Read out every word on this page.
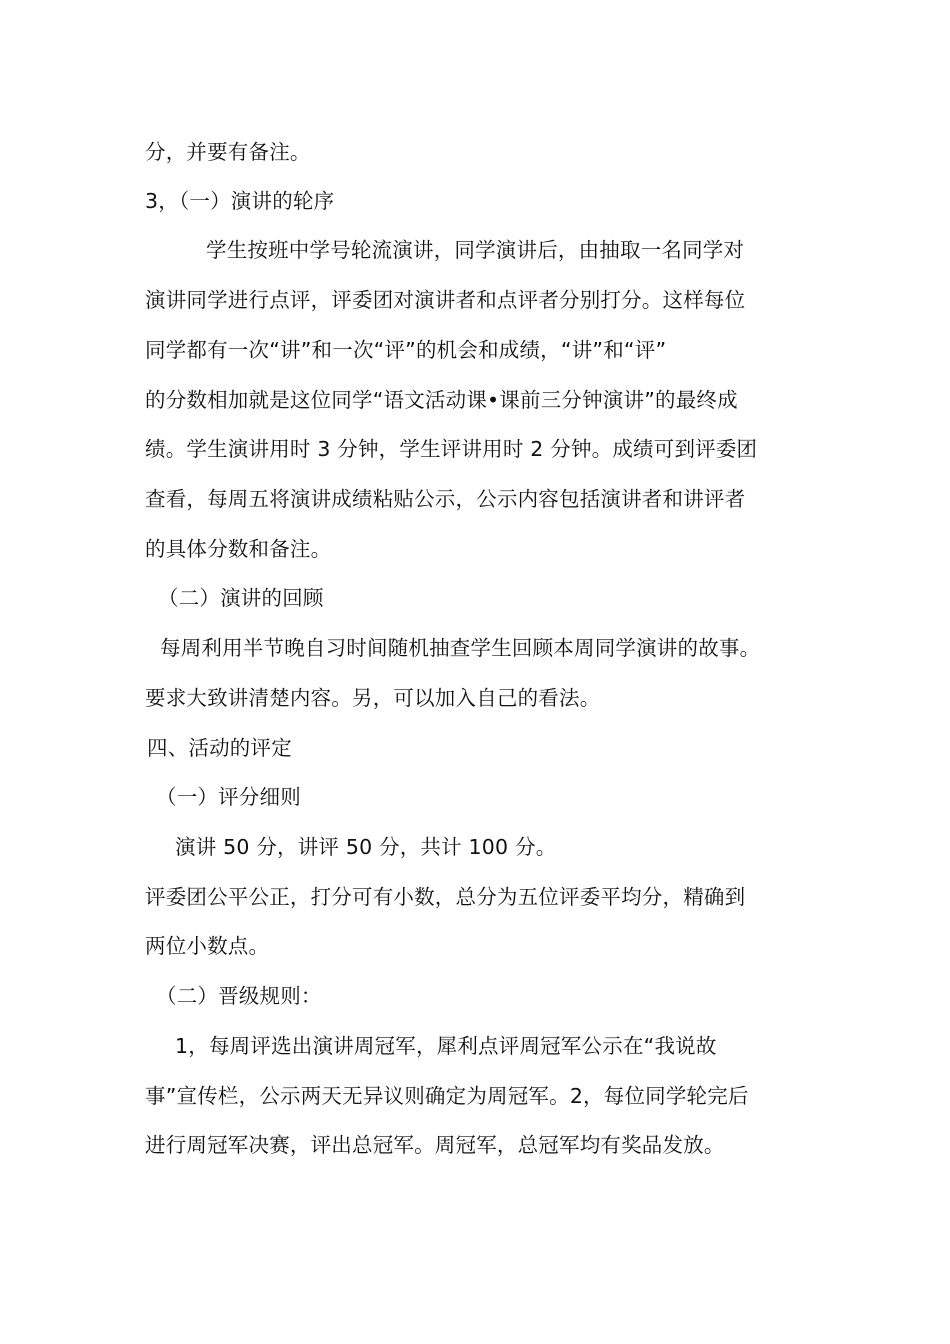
分，并要有备注。
3，（一）演讲的轮序
学生按班中学号轮流演讲，同学演讲后，由抽取一名同学对
演讲同学进行点评，评委团对演讲者和点评者分别打分。这样每位
同学都有一次“讲”和一次“评”的机会和成绩，“讲”和“评”
的分数相加就是这位同学“语文活动课•课前三分钟演讲”的最终成
绩。学生演讲用时 3 分钟，学生评讲用时 2 分钟。成绩可到评委团
查看，每周五将演讲成绩粘贴公示，公示内容包括演讲者和讲评者
的具体分数和备注。
（二）演讲的回顾
每周利用半节晚自习时间随机抽查学生回顾本周同学演讲的故事。
要求大致讲清楚内容。另，可以加入自己的看法。
四、活动的评定
（一）评分细则
演讲 50 分，讲评 50 分，共计 100 分。
评委团公平公正，打分可有小数，总分为五位评委平均分，精确到
两位小数点。
（二）晋级规则：
1，每周评选出演讲周冠军，犀利点评周冠军公示在“我说故
事”宣传栏，公示两天无异议则确定为周冠军。2，每位同学轮完后
进行周冠军决赛，评出总冠军。周冠军，总冠军均有奖品发放。
